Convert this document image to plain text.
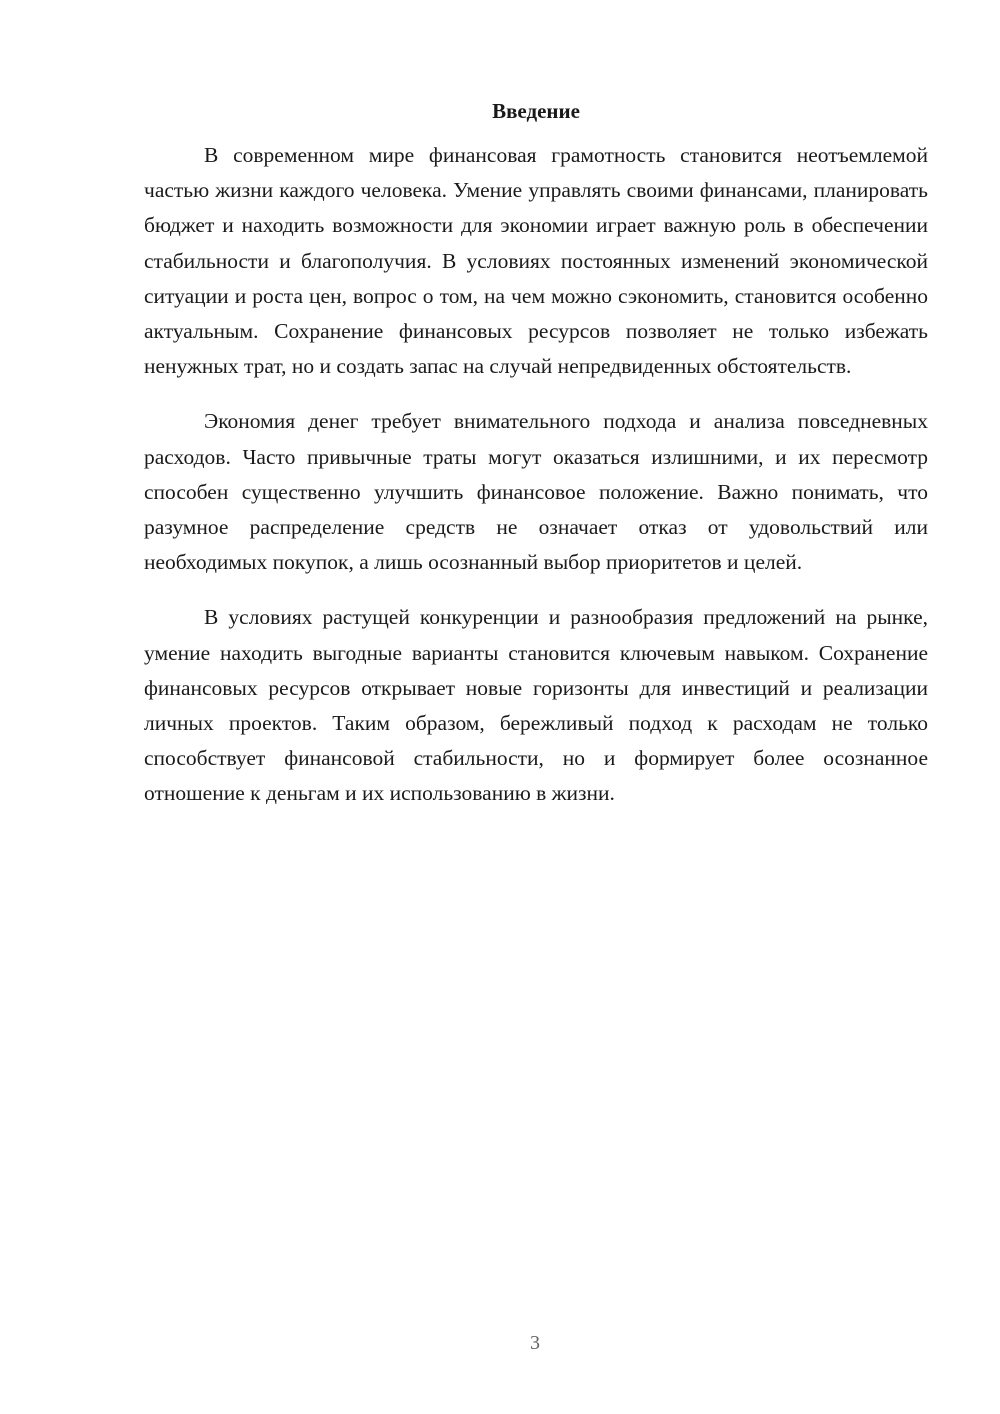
Введение

В современном мире финансовая грамотность становится неотъемлемой частью жизни каждого человека. Умение управлять своими финансами, планировать бюджет и находить возможности для экономии играет важную роль в обеспечении стабильности и благополучия. В условиях постоянных изменений экономической ситуации и роста цен, вопрос о том, на чем можно сэкономить, становится особенно актуальным. Сохранение финансовых ресурсов позволяет не только избежать ненужных трат, но и создать запас на случай непредвиденных обстоятельств.

Экономия денег требует внимательного подхода и анализа повседневных расходов. Часто привычные траты могут оказаться излишними, и их пересмотр способен существенно улучшить финансовое положение. Важно понимать, что разумное распределение средств не означает отказ от удовольствий или необходимых покупок, а лишь осознанный выбор приоритетов и целей.

В условиях растущей конкуренции и разнообразия предложений на рынке, умение находить выгодные варианты становится ключевым навыком. Сохранение финансовых ресурсов открывает новые горизонты для инвестиций и реализации личных проектов. Таким образом, бережливый подход к расходам не только способствует финансовой стабильности, но и формирует более осознанное отношение к деньгам и их использованию в жизни.

3
